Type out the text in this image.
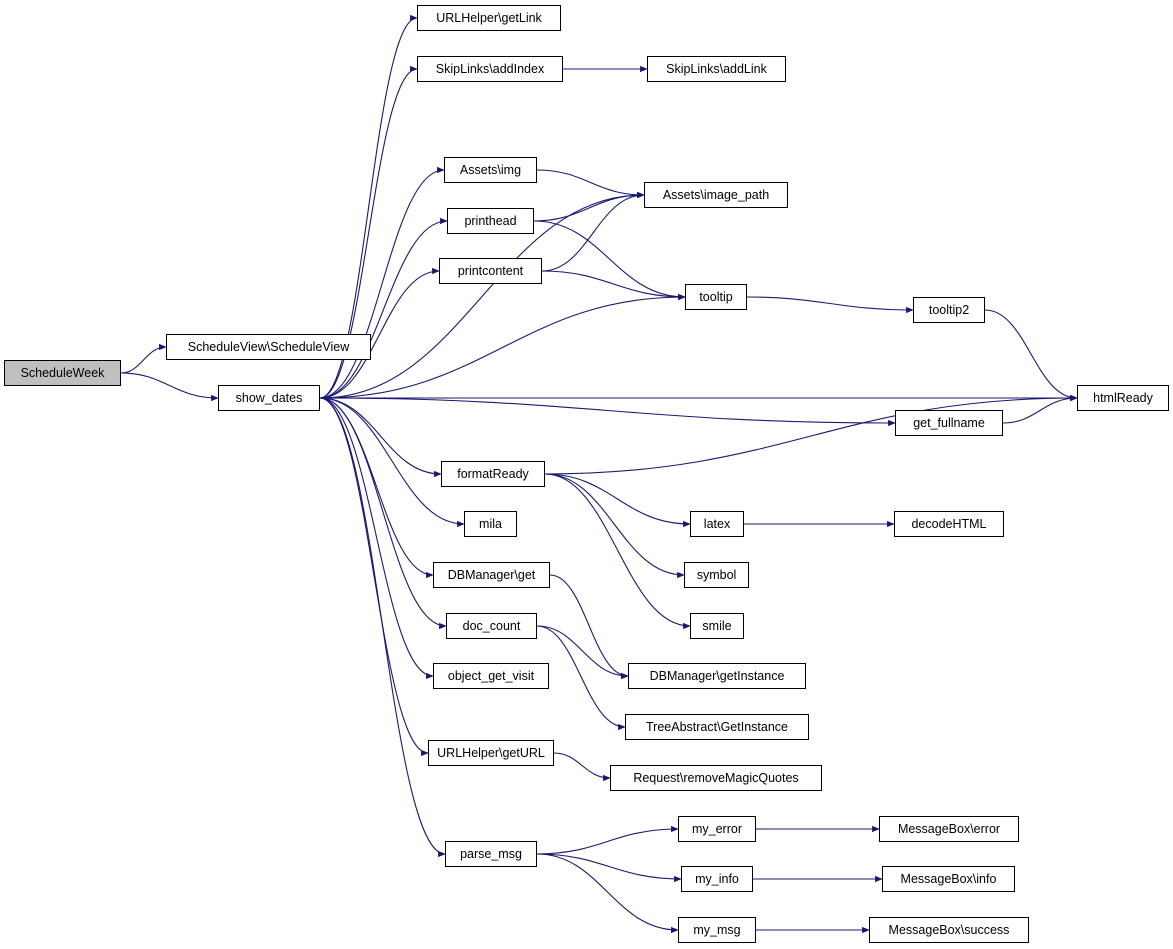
ScheduleWeek
ScheduleView\ScheduleView
show_dates
URLHelper\getLink
SkipLinks\addIndex	SkipLinks\addLink
Assets\img
Assets\image_path
printhead
printcontent
tooltip
tooltip2
htmlReady
get_fullname
formatReady
mila	latex	decodeHTML
DBManager\get	symbol
doc_count	smile
object_get_visit	DBManager\getInstance
TreeAbstract\GetInstance
URLHelper\getURL
Request\removeMagicQuotes
parse_msg
my_error	MessageBox\error
my_info	MessageBox\info
my_msg	MessageBox\success
